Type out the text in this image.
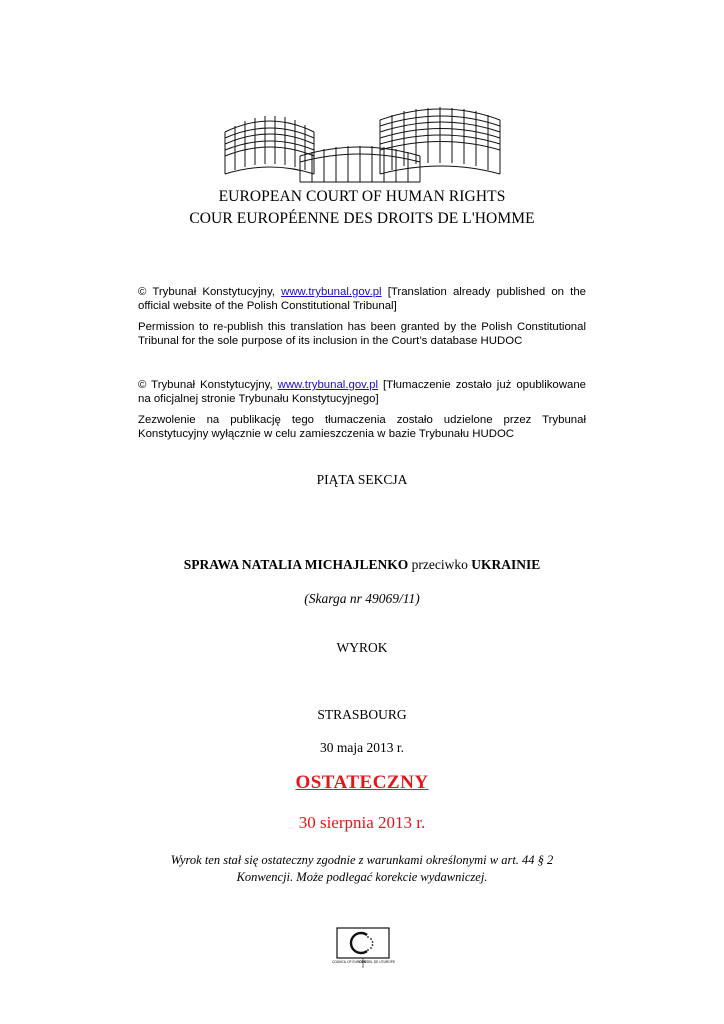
EUROPEAN COURT OF HUMAN RIGHTS
COUR EUROPÉENNE DES DROITS DE L'HOMME
© Trybunał Konstytucyjny, www.trybunal.gov.pl [Translation already published on the official website of the Polish Constitutional Tribunal]
Permission to re-publish this translation has been granted by the Polish Constitutional Tribunal for the sole purpose of its inclusion in the Court’s database HUDOC
© Trybunał Konstytucyjny, www.trybunal.gov.pl [Tłumaczenie zostało już opublikowane na oficjalnej stronie Trybunału Konstytucyjnego]
Zezwolenie na publikację tego tłumaczenia zostało udzielone przez Trybunał Konstytucyjny wyłącznie w celu zamieszczenia w bazie Trybunału HUDOC
PIĄTA SEKCJA
SPRAWA NATALIA MICHAJLENKO przeciwko UKRAINIE
(Skarga nr 49069/11)
WYROK
STRASBOURG
30 maja 2013 r.
OSTATECZNY
30 sierpnia 2013 r.
Wyrok ten stał się ostateczny zgodnie z warunkami określonymi w art. 44 § 2
Konwencji. Może podlegać korekcie wydawniczej.
COUNCIL OF EUROPE
CONSEIL DE L'EUROPE
